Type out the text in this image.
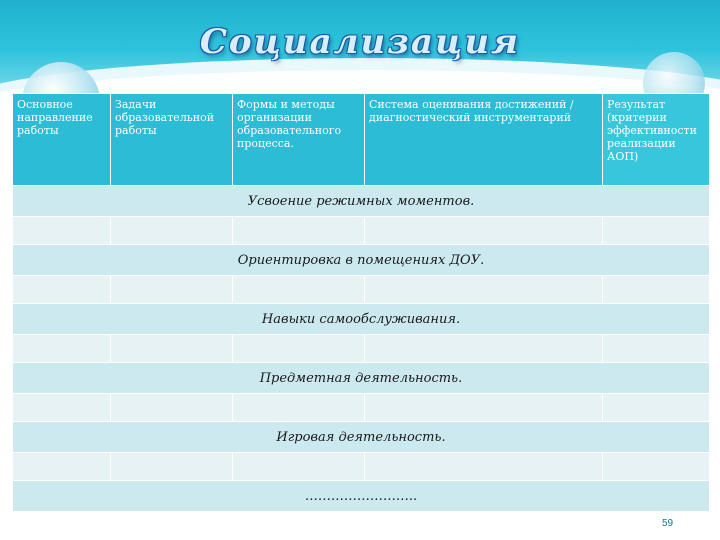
Социализация
Основное направление работы	Задачи образовательной работы	Формы и методы организации образовательного процесса.	Система оценивания достижений / диагностический инструментарий	Результат (критерии эффективности реализации АОП)
Усвоение режимных моментов.				

Ориентировка в помещениях ДОУ.				

Навыки самообслуживания.				

Предметная деятельность.				

Игровая деятельность.				

……………………..				
59
